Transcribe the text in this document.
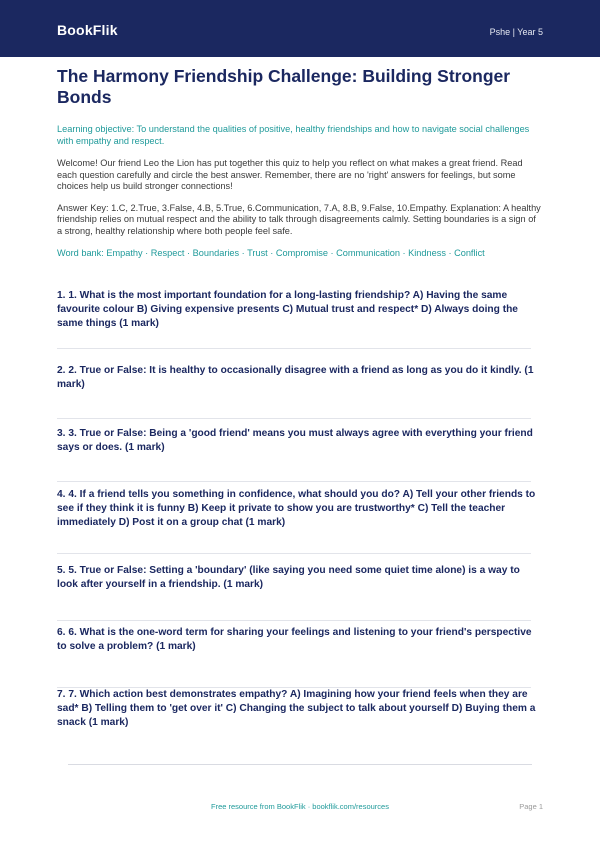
BookFlik	Pshe | Year 5
The Harmony Friendship Challenge: Building Stronger Bonds

Learning objective: To understand the qualities of positive, healthy friendships and how to navigate social challenges with empathy and respect.

Welcome! Our friend Leo the Lion has put together this quiz to help you reflect on what makes a great friend. Read each question carefully and circle the best answer. Remember, there are no 'right' answers for feelings, but some choices help us build stronger connections!

Answer Key: 1.C, 2.True, 3.False, 4.B, 5.True, 6.Communication, 7.A, 8.B, 9.False, 10.Empathy. Explanation: A healthy friendship relies on mutual respect and the ability to talk through disagreements calmly. Setting boundaries is a sign of a strong, healthy relationship where both people feel safe.

Word bank: Empathy · Respect · Boundaries · Trust · Compromise · Communication · Kindness · Conflict

1. 1. What is the most important foundation for a long-lasting friendship? A) Having the same favourite colour B) Giving expensive presents C) Mutual trust and respect* D) Always doing the same things (1 mark)
2. 2. True or False: It is healthy to occasionally disagree with a friend as long as you do it kindly. (1 mark)
3. 3. True or False: Being a 'good friend' means you must always agree with everything your friend says or does. (1 mark)
4. 4. If a friend tells you something in confidence, what should you do? A) Tell your other friends to see if they think it is funny B) Keep it private to show you are trustworthy* C) Tell the teacher immediately D) Post it on a group chat (1 mark)
5. 5. True or False: Setting a 'boundary' (like saying you need some quiet time alone) is a way to look after yourself in a friendship. (1 mark)
6. 6. What is the one-word term for sharing your feelings and listening to your friend's perspective to solve a problem? (1 mark)
7. 7. Which action best demonstrates empathy? A) Imagining how your friend feels when they are sad* B) Telling them to 'get over it' C) Changing the subject to talk about yourself D) Buying them a snack (1 mark)
Free resource from BookFlik · bookflik.com/resources	Page 1
